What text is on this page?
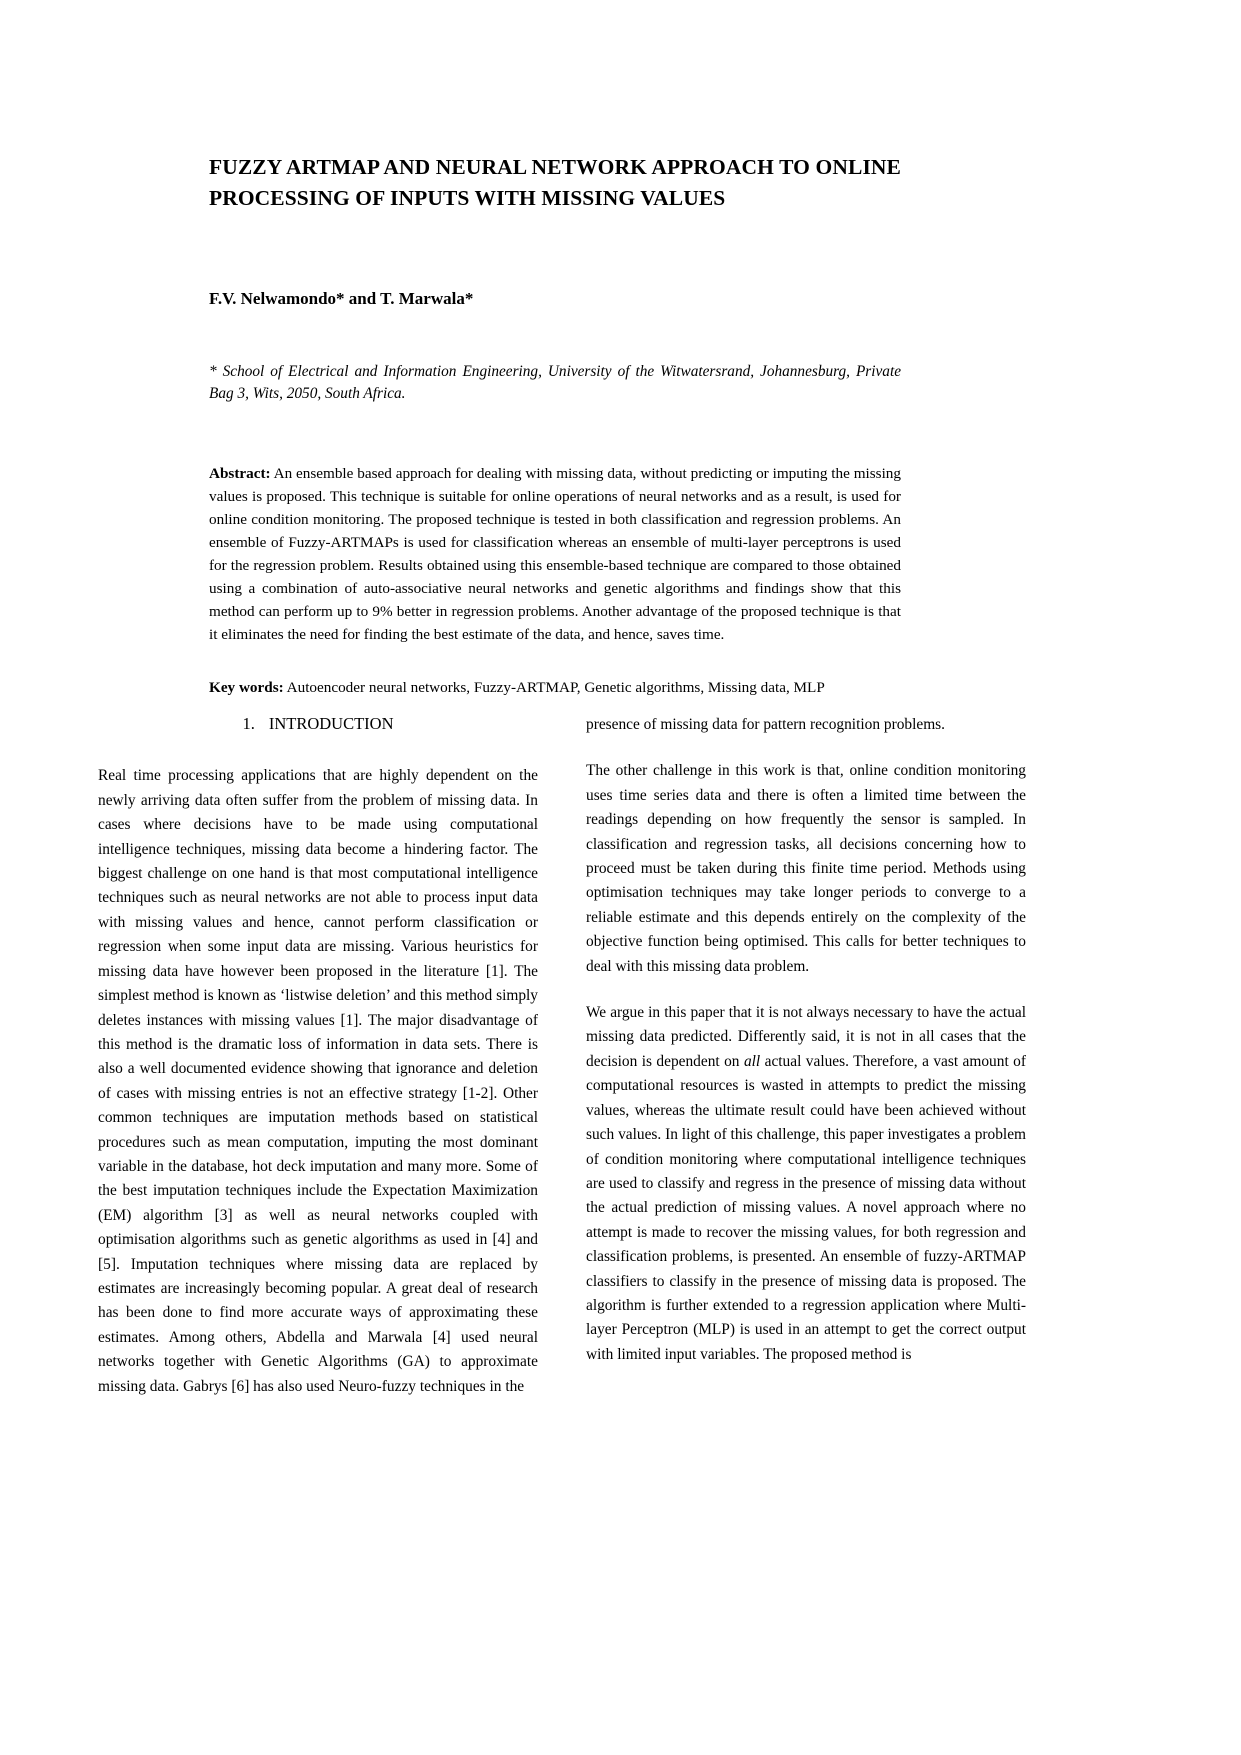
FUZZY ARTMAP AND NEURAL NETWORK APPROACH TO ONLINE PROCESSING OF INPUTS WITH MISSING VALUES

F.V. Nelwamondo* and T. Marwala*

* School of Electrical and Information Engineering, University of the Witwatersrand, Johannesburg, Private Bag 3, Wits, 2050, South Africa.

Abstract: An ensemble based approach for dealing with missing data, without predicting or imputing the missing values is proposed. This technique is suitable for online operations of neural networks and as a result, is used for online condition monitoring. The proposed technique is tested in both classification and regression problems. An ensemble of Fuzzy-ARTMAPs is used for classification whereas an ensemble of multi-layer perceptrons is used for the regression problem. Results obtained using this ensemble-based technique are compared to those obtained using a combination of auto-associative neural networks and genetic algorithms and findings show that this method can perform up to 9% better in regression problems. Another advantage of the proposed technique is that it eliminates the need for finding the best estimate of the data, and hence, saves time.

Key words: Autoencoder neural networks, Fuzzy-ARTMAP, Genetic algorithms, Missing data, MLP

1. INTRODUCTION

Real time processing applications that are highly dependent on the newly arriving data often suffer from the problem of missing data. In cases where decisions have to be made using computational intelligence techniques, missing data become a hindering factor. The biggest challenge on one hand is that most computational intelligence techniques such as neural networks are not able to process input data with missing values and hence, cannot perform classification or regression when some input data are missing. Various heuristics for missing data have however been proposed in the literature [1]. The simplest method is known as ‘listwise deletion’ and this method simply deletes instances with missing values [1]. The major disadvantage of this method is the dramatic loss of information in data sets. There is also a well documented evidence showing that ignorance and deletion of cases with missing entries is not an effective strategy [1-2]. Other common techniques are imputation methods based on statistical procedures such as mean computation, imputing the most dominant variable in the database, hot deck imputation and many more. Some of the best imputation techniques include the Expectation Maximization (EM) algorithm [3] as well as neural networks coupled with optimisation algorithms such as genetic algorithms as used in [4] and [5]. Imputation techniques where missing data are replaced by estimates are increasingly becoming popular. A great deal of research has been done to find more accurate ways of approximating these estimates. Among others, Abdella and Marwala [4] used neural networks together with Genetic Algorithms (GA) to approximate missing data. Gabrys [6] has also used Neuro-fuzzy techniques in the

presence of missing data for pattern recognition problems.

The other challenge in this work is that, online condition monitoring uses time series data and there is often a limited time between the readings depending on how frequently the sensor is sampled. In classification and regression tasks, all decisions concerning how to proceed must be taken during this finite time period. Methods using optimisation techniques may take longer periods to converge to a reliable estimate and this depends entirely on the complexity of the objective function being optimised. This calls for better techniques to deal with this missing data problem.

We argue in this paper that it is not always necessary to have the actual missing data predicted. Differently said, it is not in all cases that the decision is dependent on all actual values. Therefore, a vast amount of computational resources is wasted in attempts to predict the missing values, whereas the ultimate result could have been achieved without such values. In light of this challenge, this paper investigates a problem of condition monitoring where computational intelligence techniques are used to classify and regress in the presence of missing data without the actual prediction of missing values. A novel approach where no attempt is made to recover the missing values, for both regression and classification problems, is presented. An ensemble of fuzzy-ARTMAP classifiers to classify in the presence of missing data is proposed. The algorithm is further extended to a regression application where Multi-layer Perceptron (MLP) is used in an attempt to get the correct output with limited input variables. The proposed method is
